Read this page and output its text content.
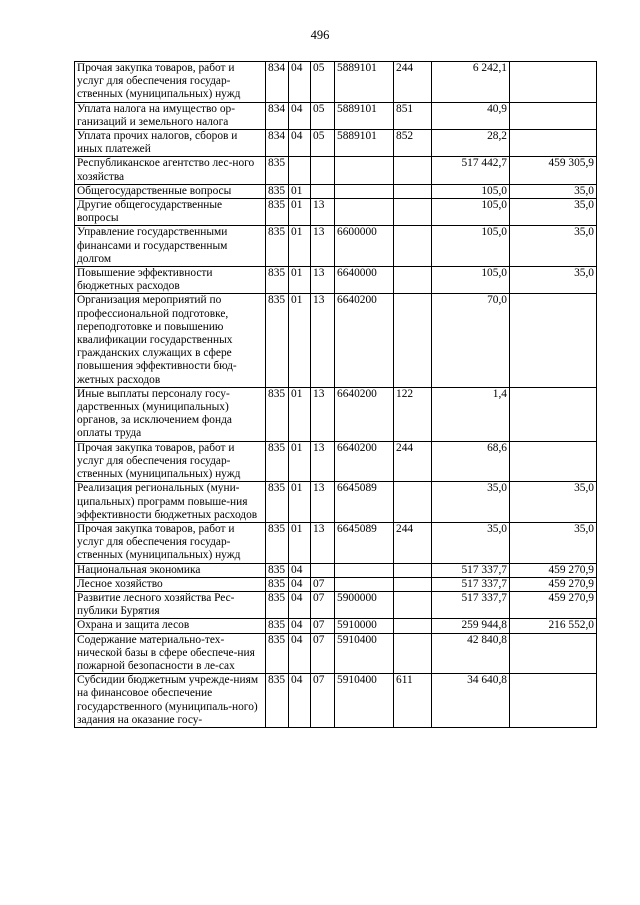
496
Прочая закупка товаров, работ и услуг для обеспечения государ-ственных (муниципальных) нужд	834	04	05	5889101	244	6 242,1	
Уплата налога на имущество ор-ганизаций и земельного налога	834	04	05	5889101	851	40,9	
Уплата прочих налогов, сборов и иных платежей	834	04	05	5889101	852	28,2	
Республиканское агентство лес-ного хозяйства	835					517 442,7	459 305,9
Общегосударственные вопросы	835	01				105,0	35,0
Другие общегосударственные вопросы	835	01	13			105,0	35,0
Управление государственными финансами и государственным долгом	835	01	13	6600000		105,0	35,0
Повышение эффективности бюджетных расходов	835	01	13	6640000		105,0	35,0
Организация мероприятий по профессиональной подготовке, переподготовке и повышению квалификации государственных гражданских служащих в сфере повышения эффективности бюд-жетных расходов	835	01	13	6640200		70,0	
Иные выплаты персоналу госу-дарственных (муниципальных) органов, за исключением фонда оплаты труда	835	01	13	6640200	122	1,4	
Прочая закупка товаров, работ и услуг для обеспечения государ-ственных (муниципальных) нужд	835	01	13	6640200	244	68,6	
Реализация региональных (муни-ципальных) программ повыше-ния эффективности бюджетных расходов	835	01	13	6645089		35,0	35,0
Прочая закупка товаров, работ и услуг для обеспечения государ-ственных (муниципальных) нужд	835	01	13	6645089	244	35,0	35,0
Национальная экономика	835	04				517 337,7	459 270,9
Лесное хозяйство	835	04	07			517 337,7	459 270,9
Развитие лесного хозяйства Рес-публики Бурятия	835	04	07	5900000		517 337,7	459 270,9
Охрана и защита лесов	835	04	07	5910000		259 944,8	216 552,0
Содержание материально-тех-нической базы в сфере обеспече-ния пожарной безопасности в ле-сах	835	04	07	5910400		42 840,8	
Субсидии бюджетным учрежде-ниям на финансовое обеспечение государственного (муниципаль-ного) задания на оказание госу-	835	04	07	5910400	611	34 640,8	
